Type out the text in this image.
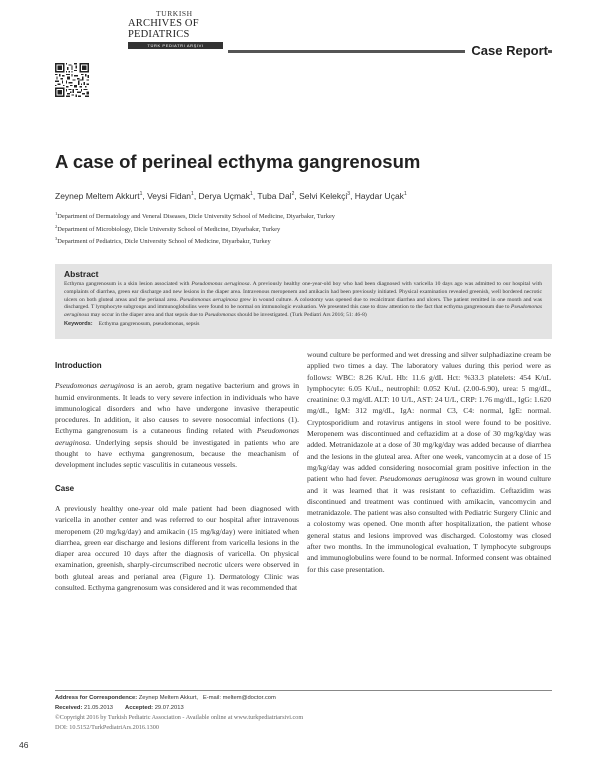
TURKISH
ARCHIVES OF PEDIATRICS
TÜRK PEDIATRI ARŞIVI	Case Report
A case of perineal ecthyma gangrenosum
Zeynep Meltem Akkurt$^1$, Veysi Fidan$^1$, Derya Uçmak$^1$, Tuba Dal$^2$, Selvi Kelekçi$^3$, Haydar Uçak$^1$
$^1$Department of Dermatology and Veneral Diseases, Dicle University School of Medicine, Diyarbakır, Turkey
$^2$Department of Microbiology, Dicle University School of Medicine, Diyarbakır, Turkey
$^3$Department of Pediatrics, Dicle University School of Medicine, Diyarbakır, Turkey
Abstract

Ecthyma gangrenosum is a skin lesion associated with Pseudomonas aeruginosa. A previously healthy one-year-old boy who had been diagnosed with varicella 10 days ago was admitted to our hospital with complaints of diarrhea, green ear discharge and new lesions in the diaper area. Intravenous meropenem and amikacin had been previously initiated. Physical examination revealed greenish, well bordered necrotic ulcers on both gluteal areas and the perianal area. Pseudomonas aeruginosa grew in wound culture. A colostomy was opened due to recalcitrant diarrhea and ulcers. The patient remitted in one month and was discharged. T lymphocyte subgroups and immunoglobulins were found to be normal on immunologic evaluation. We presented this case to draw attention to the fact that ecthyma gangrenosum due to Pseudomonas aeruginosa may occur in the diaper area and that sepsis due to Pseudomonas should be investigated. (Turk Pediatri Ars 2016; 51: 46-8)

Keywords: Ecthyma gangrenosum, pseudomonas, sepsis
Introduction

Pseudomonas aeruginosa is an aerob, gram negative bacterium and grows in humid environments. It leads to very severe infection in individuals who have immunological disorders and who have undergone invasive therapeutic procedures. In addition, it also causes to severe nosocomial infections (1). Ecthyma gangrenosum is a cutaneous finding related with Pseudomonas aeruginosa. Underlying sepsis should be investigated in patients who are thought to have ecthyma gangrenosum, because the meachanism of development includes septic vasculitis in cutaneous vessels.

Case

A previously healthy one-year old male patient had been diagnosed with varicella in another center and was referred to our hospital after intravenous meropenem (20 mg/kg/day) and amikacin (15 mg/kg/day) were initiated when diarrhea, green ear discharge and lesions different from varicella lesions in the diaper area occured 10 days after the diagnosis of varicella. On physical examination, greenish, sharply-circumscribed necrotic ulcers were observed in both gluteal areas and perianal area (Figure 1). Dermatology Clinic was consulted. Ecthyma gangrenosum was considered and it was recommended that

wound culture be performed and wet dressing and silver sulphadiazine cream be applied two times a day. The laboratory values during this period were as follows: WBC: 8.26 K/uL Hb: 11.6 g/dL Hct: %33.3 platelets: 454 K/uL lymphocyte: 6.05 K/uL, neutrophil: 0.052 K/uL (2.00-6.90), urea: 5 mg/dL, creatinine: 0.3 mg/dL ALT: 10 U/L, AST: 24 U/L, CRP: 1.76 mg/dL, IgG: 1.620 mg/dL, IgM: 312 mg/dL, IgA: normal C3, C4: normal, IgE: normal. Cryptosporidium and rotavirus antigens in stool were found to be positive. Meropenem was discontinued and ceftazidim at a dose of 30 mg/kg/day was added. Metranidazole at a dose of 30 mg/kg/day was added because of diarrhea and the lesions in the gluteal area. After one week, vancomycin at a dose of 15 mg/kg/day was added considering nosocomial gram positive infection in the patient who had fever. Pseudomonas aeruginosa was grown in wound culture and it was learned that it was resistant to ceftazidim. Ceftazidim was discontinued and treatment was continued with amikacin, vancomycin and metranidazole. The patient was also consulted with Pediatric Surgery Clinic and a colostomy was opened. One month after hospitalization, the patient whose general status and lesions improved was discharged. Colostomy was closed after two months. In the immunological evaluation, T lymphocyte subgroups and immunoglobulins were found to be normal. Informed consent was obtained for this case presentation.

Address for Correspondence: Zeynep Meltem Akkurt, E-mail: meltem@doctor.com
Received: 21.05.2013 Accepted: 29.07.2013
©Copyright 2016 by Turkish Pediatric Association - Available online at www.turkpediatriarsivi.com
DOI: 10.5152/TurkPediatriArs.2016.1300
46
